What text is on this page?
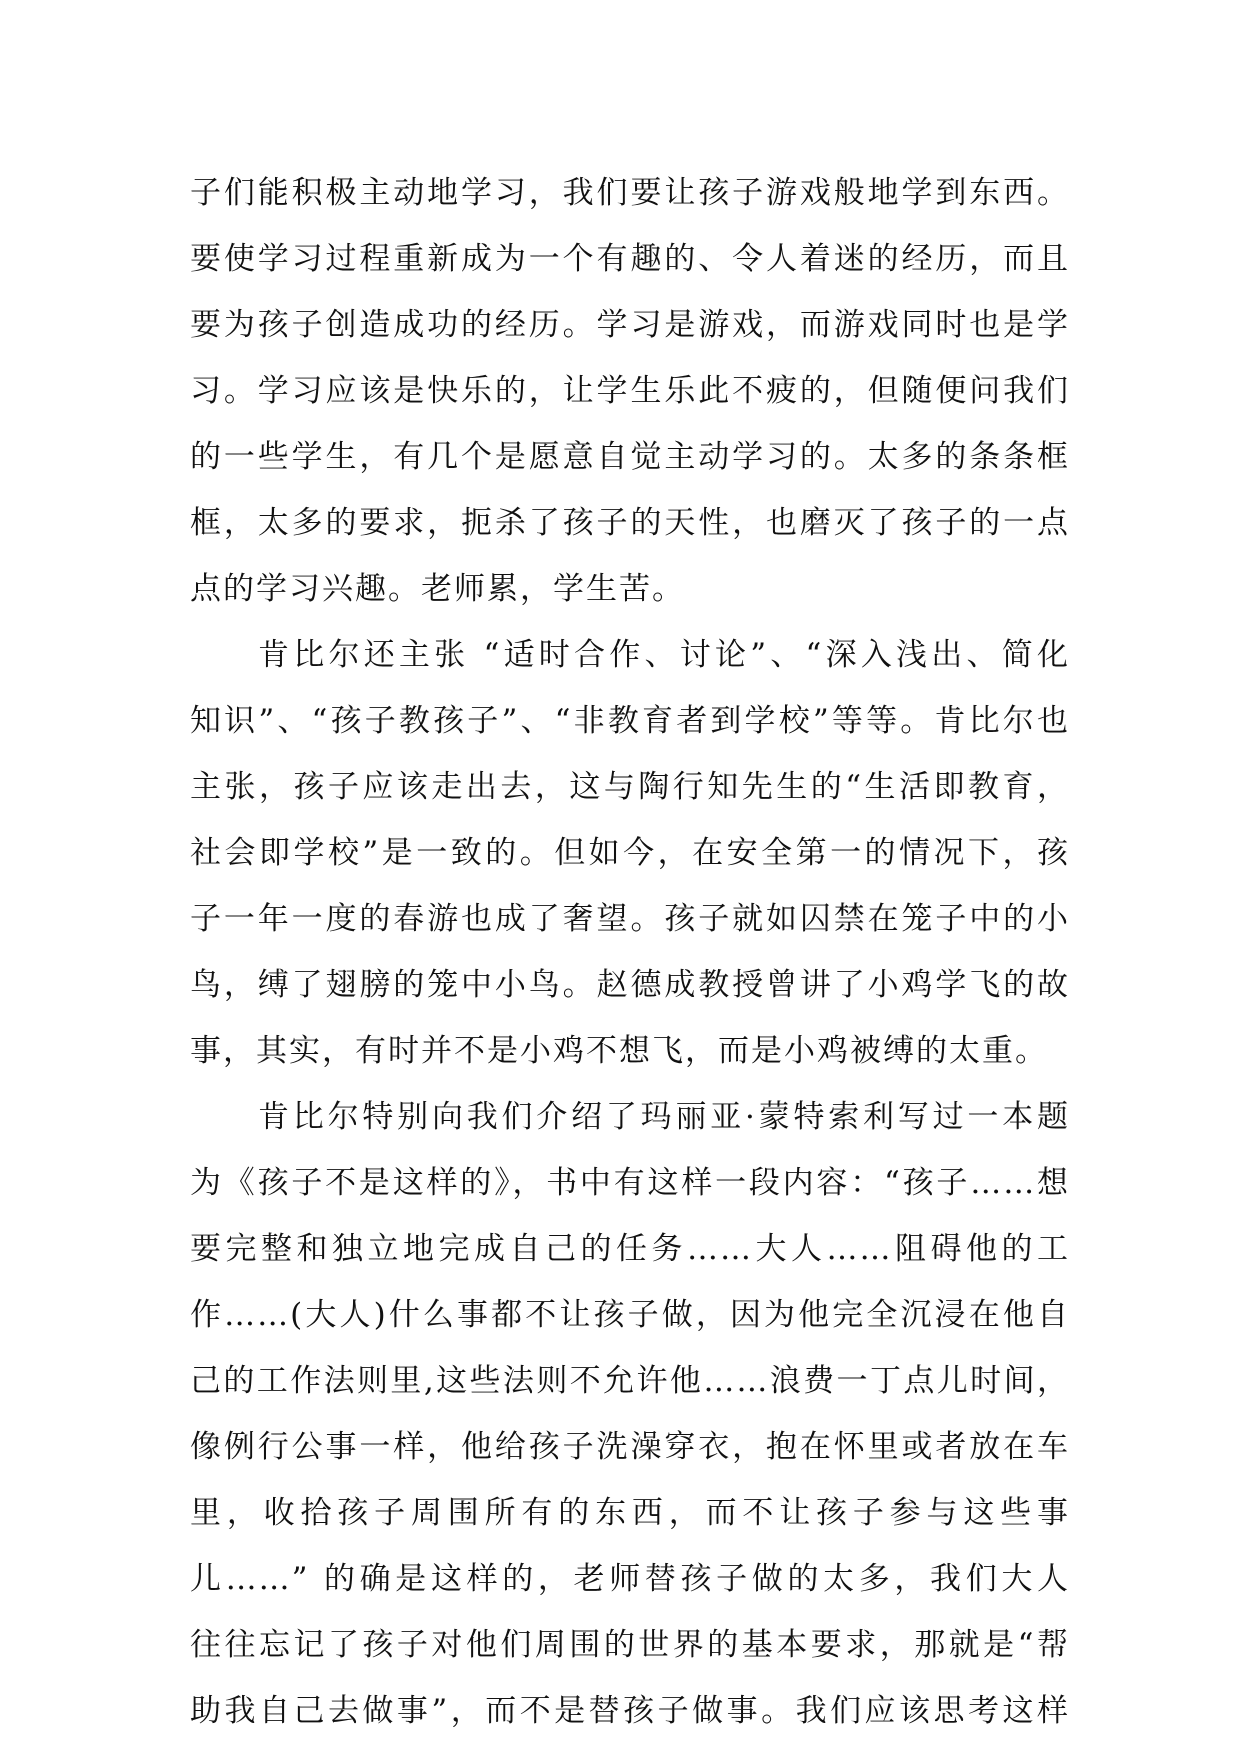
子们能积极主动地学习，我们要让孩子游戏般地学到东西。
要使学习过程重新成为一个有趣的、令人着迷的经历，而且
要为孩子创造成功的经历。学习是游戏，而游戏同时也是学
习。学习应该是快乐的，让学生乐此不疲的，但随便问我们
的一些学生，有几个是愿意自觉主动学习的。太多的条条框
框，太多的要求，扼杀了孩子的天性，也磨灭了孩子的一点
点的学习兴趣。老师累，学生苦。
肯比尔还主张 “适时合作、讨论”、“深入浅出、简化
知识”、“孩子教孩子”、“非教育者到学校”等等。肯比尔也
主张，孩子应该走出去，这与陶行知先生的“生活即教育，
社会即学校”是一致的。但如今，在安全第一的情况下，孩
子一年一度的春游也成了奢望。孩子就如囚禁在笼子中的小
鸟，缚了翅膀的笼中小鸟。赵德成教授曾讲了小鸡学飞的故
事，其实，有时并不是小鸡不想飞，而是小鸡被缚的太重。
肯比尔特别向我们介绍了玛丽亚·蒙特索利写过一本题
为《孩子不是这样的》，书中有这样一段内容：“孩子……想
要完整和独立地完成自己的任务……大人……阻碍他的工
作……(大人)什么事都不让孩子做，因为他完全沉浸在他自
己的工作法则里,这些法则不允许他……浪费一丁点儿时间，
像例行公事一样，他给孩子洗澡穿衣，抱在怀里或者放在车
里，收拾孩子周围所有的东西，而不让孩子参与这些事
儿……” 的确是这样的，老师替孩子做的太多，我们大人
往往忘记了孩子对他们周围的世界的基本要求，那就是“帮
助我自己去做事”，而不是替孩子做事。我们应该思考这样
